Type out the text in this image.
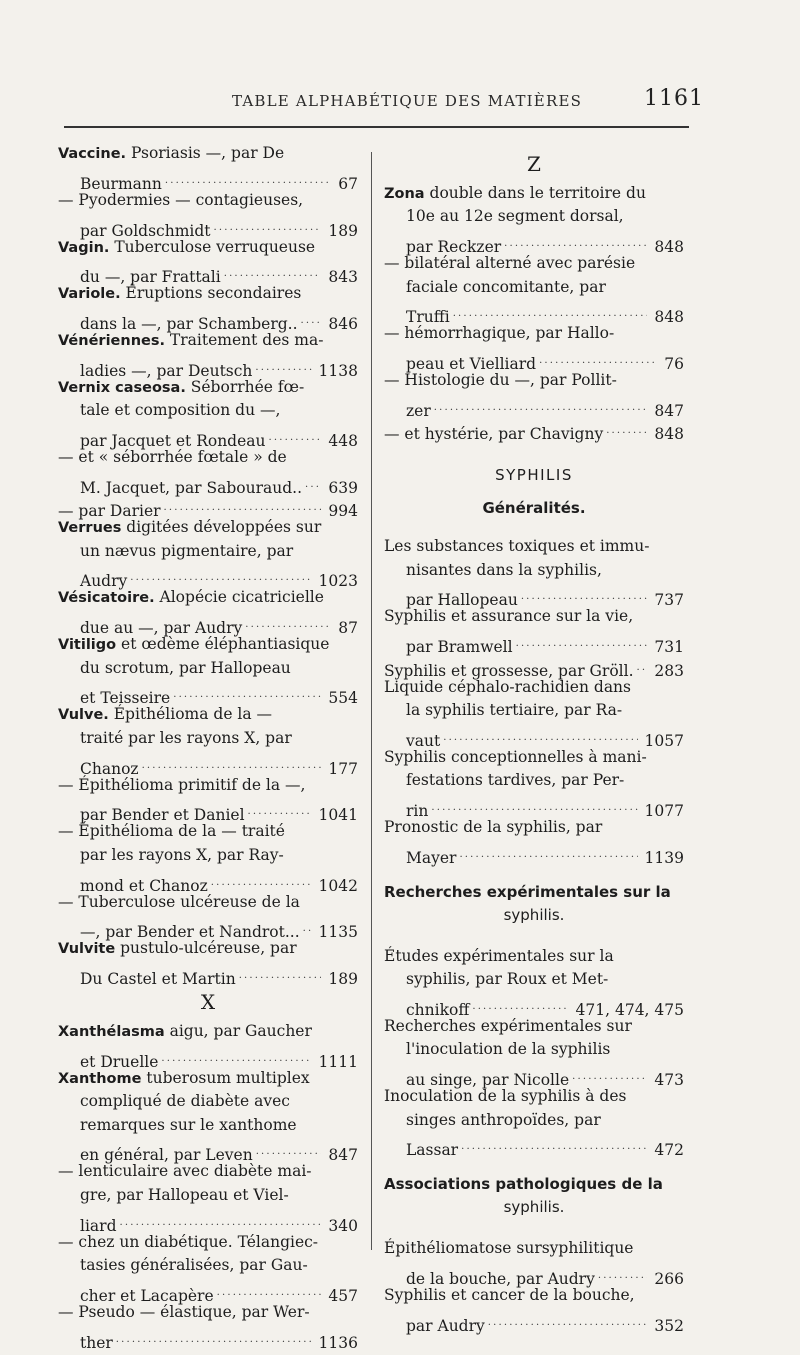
TABLE ALPHABÉTIQUE DES MATIÈRES	1161
Vaccine. Psoriasis —, par De
Beurmann . . .	67
— Pyodermies — contagieuses,
par Goldschmidt . . .	189
Vagin. Tuberculose verruqueuse
du —, par Frattali . . .	843
Variole. Éruptions secondaires
dans la —, par Schamberg.. . . . 846
Vénériennes. Traitement des ma-
ladies —, par Deutsch . . .	1138
Vernix caseosa. Séborrhée fœ-
tale et composition du —,
par Jacquet et Rondeau . . .	448
— et « séborrhée fœtale » de
M. Jacquet, par Sabouraud.. . . . 639
— par Darier . . .	994
Verrues digitées développées sur
un nævus pigmentaire, par
Audry . . .	1023
Vésicatoire. Alopécie cicatricielle
due au —, par Audry . . .	87
Vitiligo et œdème éléphantiasique
du scrotum, par Hallopeau
et Teisseire . . .	554
Vulve. Épithélioma de la —
traité par les rayons X, par
Chanoz . . .	177
— Épithélioma primitif de la —,
par Bender et Daniel . . .	1041
— Épithélioma de la — traité
par les rayons X, par Ray-
mond et Chanoz . . .	1042
— Tuberculose ulcéreuse de la
—, par Bender et Nandrot... . . . 1135
Vulvite pustulo-ulcéreuse, par
Du Castel et Martin . . .	189
X
Xanthélasma aigu, par Gaucher
et Druelle . . .	1111
Xanthome tuberosum multiplex
compliqué de diabète avec
remarques sur le xanthome
en général, par Leven . . .	847
— lenticulaire avec diabète mai-
gre, par Hallopeau et Viel-
liard . . .	340
— chez un diabétique. Télangiec-
tasies généralisées, par Gau-
cher et Lacapère . . .	457
— Pseudo — élastique, par Wer-
ther . . .	1136
Z
Zona double dans le territoire du
10e au 12e segment dorsal,
par Reckzer . . .	848
— bilatéral alterné avec parésie
faciale concomitante, par
Truffi . . .	848
— hémorrhagique, par Hallo-
peau et Vielliard . . .	76
— Histologie du —, par Pollit-
zer . . .	847
— et hystérie, par Chavigny . . .	848
SYPHILIS
Généralités.
Les substances toxiques et immu-
nisantes dans la syphilis,
par Hallopeau . . .	737
Syphilis et assurance sur la vie,
par Bramwell . . .	731
Syphilis et grossesse, par Gröll. . . . 283
Liquide céphalo-rachidien dans
la syphilis tertiaire, par Ra-
vaut . . .	1057
Syphilis conceptionnelles à mani-
festations tardives, par Per-
rin . . .	1077
Pronostic de la syphilis, par
Mayer . . .	1139
Recherches expérimentales sur la
syphilis.
Études expérimentales sur la
syphilis, par Roux et Met-
chnikoff . . .	471, 474, 475
Recherches expérimentales sur
l'inoculation de la syphilis
au singe, par Nicolle . . .	473
Inoculation de la syphilis à des
singes anthropoïdes, par
Lassar . . .	472
Associations pathologiques de la
syphilis.
Épithéliomatose sursyphilitique
de la bouche, par Audry . . .	266
Syphilis et cancer de la bouche,
par Audry . . .	352
